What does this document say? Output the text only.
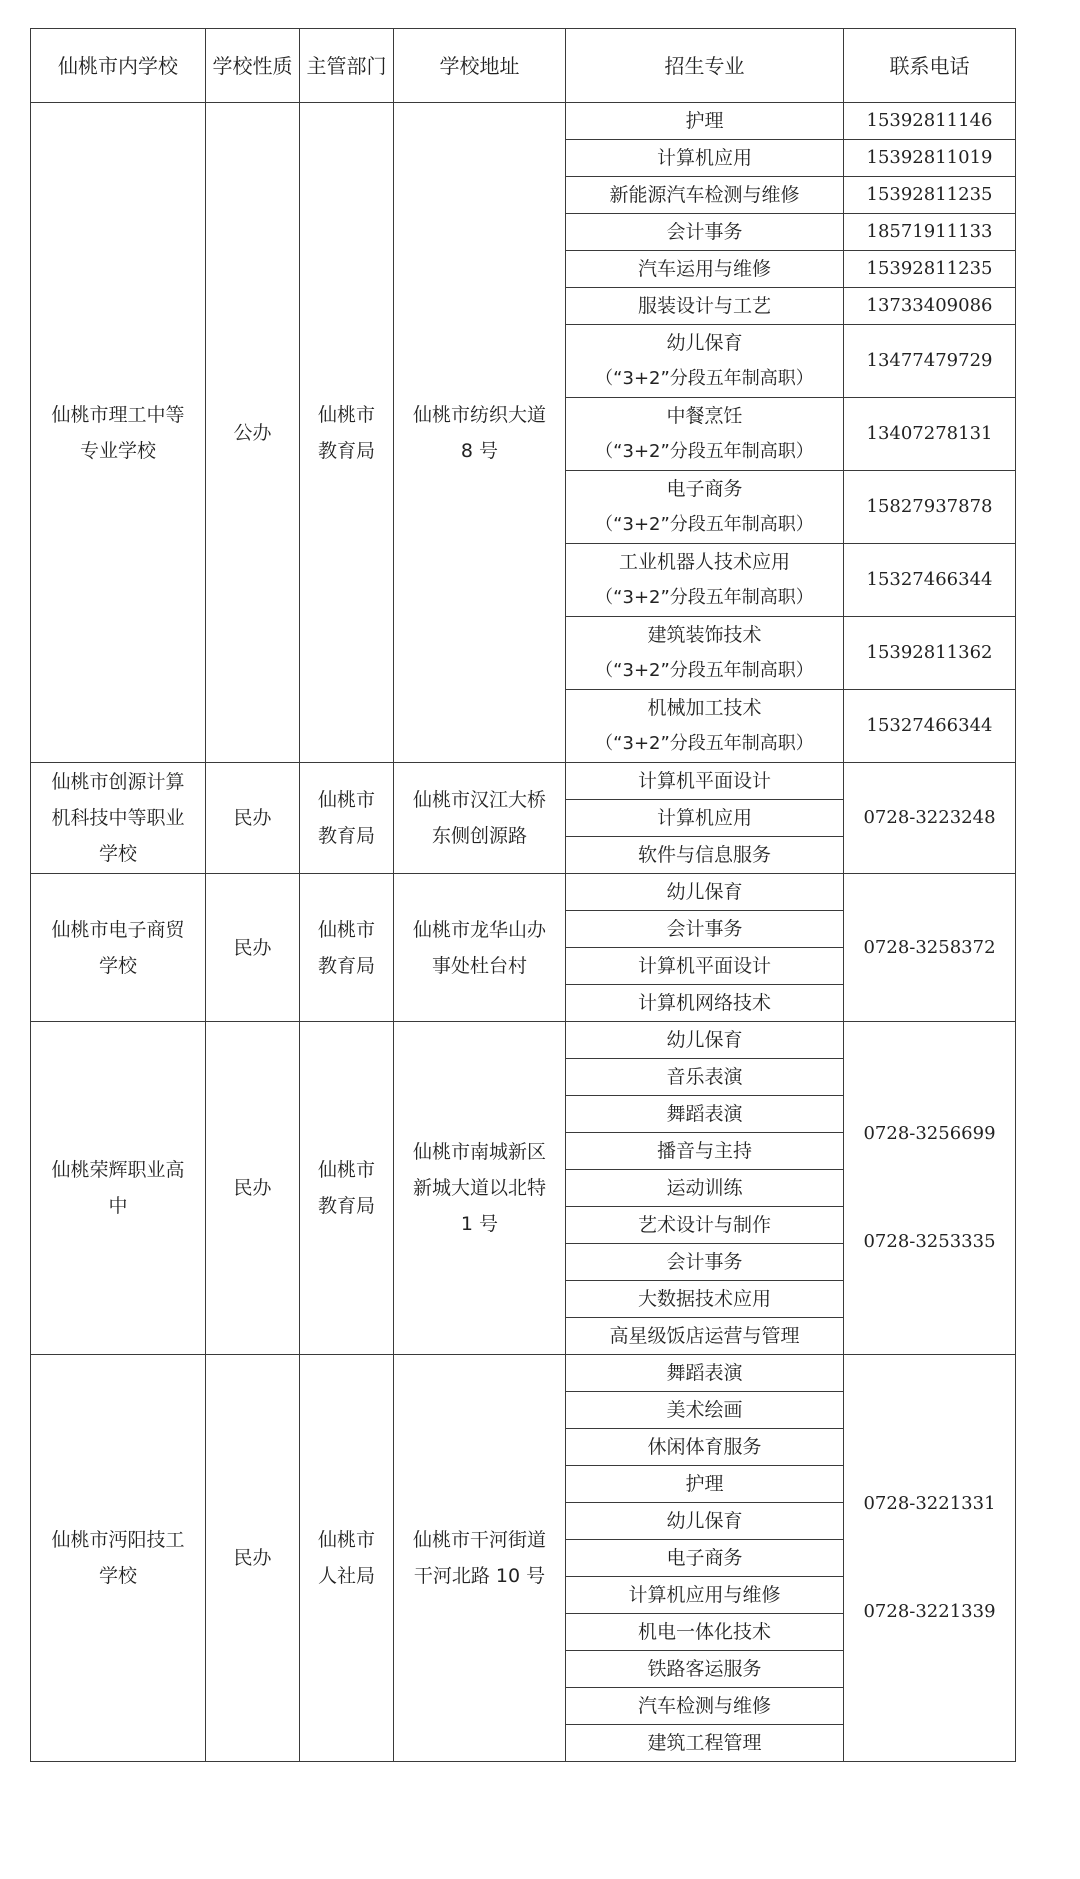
仙桃市内学校	学校性质	主管部门	学校地址	招生专业	联系电话
仙桃市理工中等专业学校	公办	仙桃市教育局	仙桃市纺织大道 8 号	护理	15392811146

				计算机应用	15392811019

				新能源汽车检测与维修	15392811235

				会计事务	18571911133

				汽车运用与维修	15392811235

				服装设计与工艺	13733409086

				幼儿保育
（“3+2”分段五年制高职）	13477479729

				中餐烹饪
（“3+2”分段五年制高职）	13407278131

				电子商务
（“3+2”分段五年制高职）	15827937878

				工业机器人技术应用
（“3+2”分段五年制高职）	15327466344

				建筑装饰技术
（“3+2”分段五年制高职）	15392811362

				机械加工技术
（“3+2”分段五年制高职）	15327466344

仙桃市创源计算机科技中等职业学校	民办	仙桃市教育局	仙桃市汉江大桥东侧创源路	计算机平面设计	0728-3223248

				计算机应用	

				软件与信息服务	

仙桃市电子商贸学校	民办	仙桃市教育局	仙桃市龙华山办事处杜台村	幼儿保育	0728-3258372

				会计事务	

				计算机平面设计	

				计算机网络技术	

仙桃荣辉职业高中	民办	仙桃市教育局	仙桃市南城新区新城大道以北特 1 号	幼儿保育	0728-3256699
0728-3253335

				音乐表演	

				舞蹈表演	

				播音与主持	

				运动训练	

				艺术设计与制作	

				会计事务	

				大数据技术应用	

				高星级饭店运营与管理	

仙桃市沔阳技工学校	民办	仙桃市人社局	仙桃市干河街道干河北路 10 号	舞蹈表演	0728-3221331
0728-3221339

				美术绘画	

				休闲体育服务	

				护理	

				幼儿保育	

				电子商务	

				计算机应用与维修	

				机电一体化技术	

				铁路客运服务	

				汽车检测与维修	

				建筑工程管理	
